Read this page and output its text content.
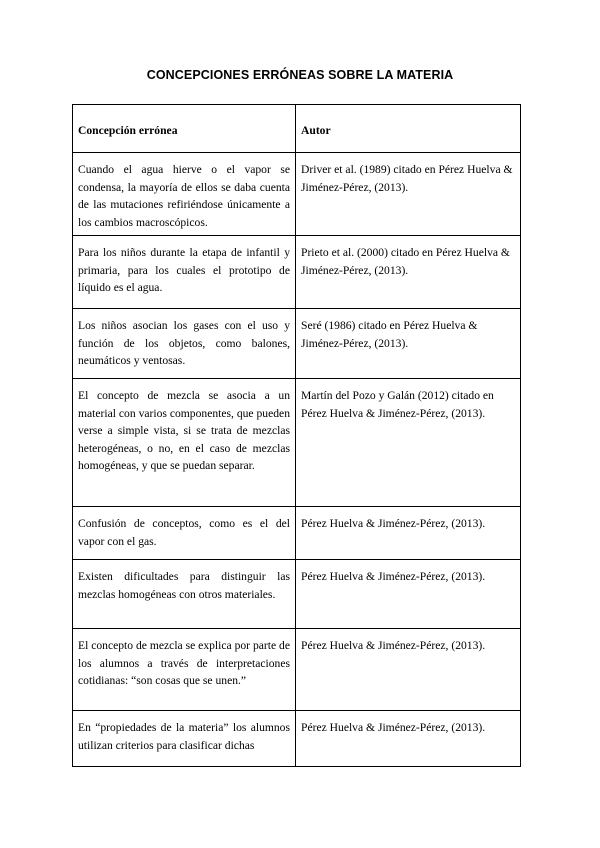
CONCEPCIONES ERRÓNEAS SOBRE LA MATERIA
Concepción errónea	Autor
Cuando el agua hierve o el vapor se condensa, la mayoría de ellos se daba cuenta de las mutaciones refiriéndose únicamente a los cambios macroscópicos.	Driver et al. (1989) citado en Pérez Huelva & Jiménez-Pérez, (2013).
Para los niños durante la etapa de infantil y primaria, para los cuales el prototipo de líquido es el agua.	Prieto et al. (2000) citado en Pérez Huelva & Jiménez-Pérez, (2013).
Los niños asocian los gases con el uso y función de los objetos, como balones, neumáticos y ventosas.	Seré (1986) citado en Pérez Huelva & Jiménez-Pérez, (2013).
El concepto de mezcla se asocia a un material con varios componentes, que pueden verse a simple vista, si se trata de mezclas heterogéneas, o no, en el caso de mezclas homogéneas, y que se puedan separar.	Martín del Pozo y Galán (2012) citado en Pérez Huelva & Jiménez-Pérez, (2013).
Confusión de conceptos, como es el del vapor con el gas.	Pérez Huelva & Jiménez-Pérez, (2013).
Existen dificultades para distinguir las mezclas homogéneas con otros materiales.	Pérez Huelva & Jiménez-Pérez, (2013).
El concepto de mezcla se explica por parte de los alumnos a través de interpretaciones cotidianas: “son cosas que se unen.”	Pérez Huelva & Jiménez-Pérez, (2013).
En “propiedades de la materia” los alumnos utilizan criterios para clasificar dichas	Pérez Huelva & Jiménez-Pérez, (2013).
